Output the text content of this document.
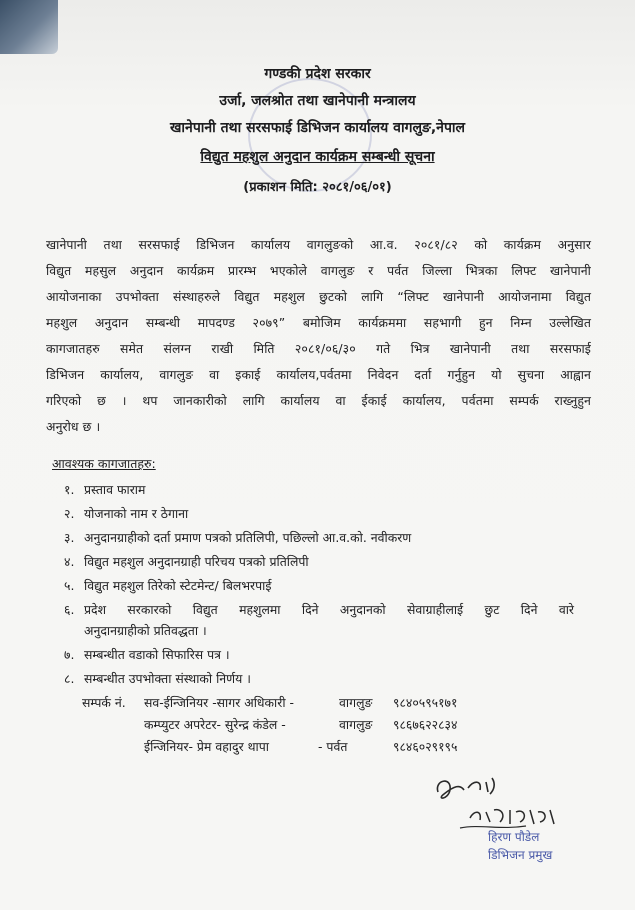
गण्डकी प्रदेश सरकार
उर्जा, जलश्रोत तथा खानेपानी मन्त्रालय
खानेपानी तथा सरसफाई डिभिजन कार्यालय वागलुङ,नेपाल
विद्युत महशुल अनुदान कार्यक्रम सम्बन्धी सूचना
(प्रकाशन मिति: २०८१/०६/०१)
खानेपानी तथा सरसफाई डिभिजन कार्यालय वागलुङको आ.व. २०८१/८२ को कार्यक्रम अनुसार
विद्युत महसुल अनुदान कार्यक्रम प्रारम्भ भएकोले वागलुङ र पर्वत जिल्ला भित्रका लिफ्ट खानेपानी
आयोजनाका उपभोक्ता संस्थाहरुले विद्युत महशुल छुटको लागि “लिफ्ट खानेपानी आयोजनामा विद्युत
महशुल अनुदान सम्बन्धी मापदण्ड २०७९” बमोजिम कार्यक्रममा सहभागी हुन निम्न उल्लेखित
कागजातहरु समेत संलग्न राखी मिति २०८१/०६/३० गते भित्र खानेपानी तथा सरसफाई
डिभिजन कार्यालय, वागलुङ वा इकाई कार्यालय,पर्वतमा निवेदन दर्ता गर्नुहुन यो सुचना आह्वान
गरिएको छ । थप जानकारीको लागि कार्यालय वा ईकाई कार्यालय, पर्वतमा सम्पर्क राख्नुहुन
अनुरोध छ ।
आवश्यक कागजातहरु:
१. प्रस्ताव फाराम
२. योजनाको नाम र ठेगाना
३. अनुदानग्राहीको दर्ता प्रमाण पत्रको प्रतिलिपी, पछिल्लो आ.व.को. नवीकरण
४. विद्युत महशुल अनुदानग्राही परिचय पत्रको प्रतिलिपी
५. विद्युत महशुल तिरेको स्टेटमेन्ट/ बिलभरपाई
६. प्रदेश सरकारको विद्युत महशुलमा दिने अनुदानको सेवाग्राहीलाई छुट दिने वारे
अनुदानग्राहीको प्रतिवद्धता ।
७. सम्बन्धीत वडाको सिफारिस पत्र ।
८. सम्बन्धीत उपभोक्ता संस्थाको निर्णय ।
सम्पर्क नं. सव-ईन्जिनियर -सागर अधिकारी -	वागलुङ ९८४०५९५१७१
कम्प्युटर अपरेटर- सुरेन्द्र कंडेल -	वागलुङ ९८६७६२२८३४
ईन्जिनियर- प्रेम वहादुर थापा	- पर्वत	९८४६०२९१९५
हिरण पौडेल
डिभिजन प्रमुख
